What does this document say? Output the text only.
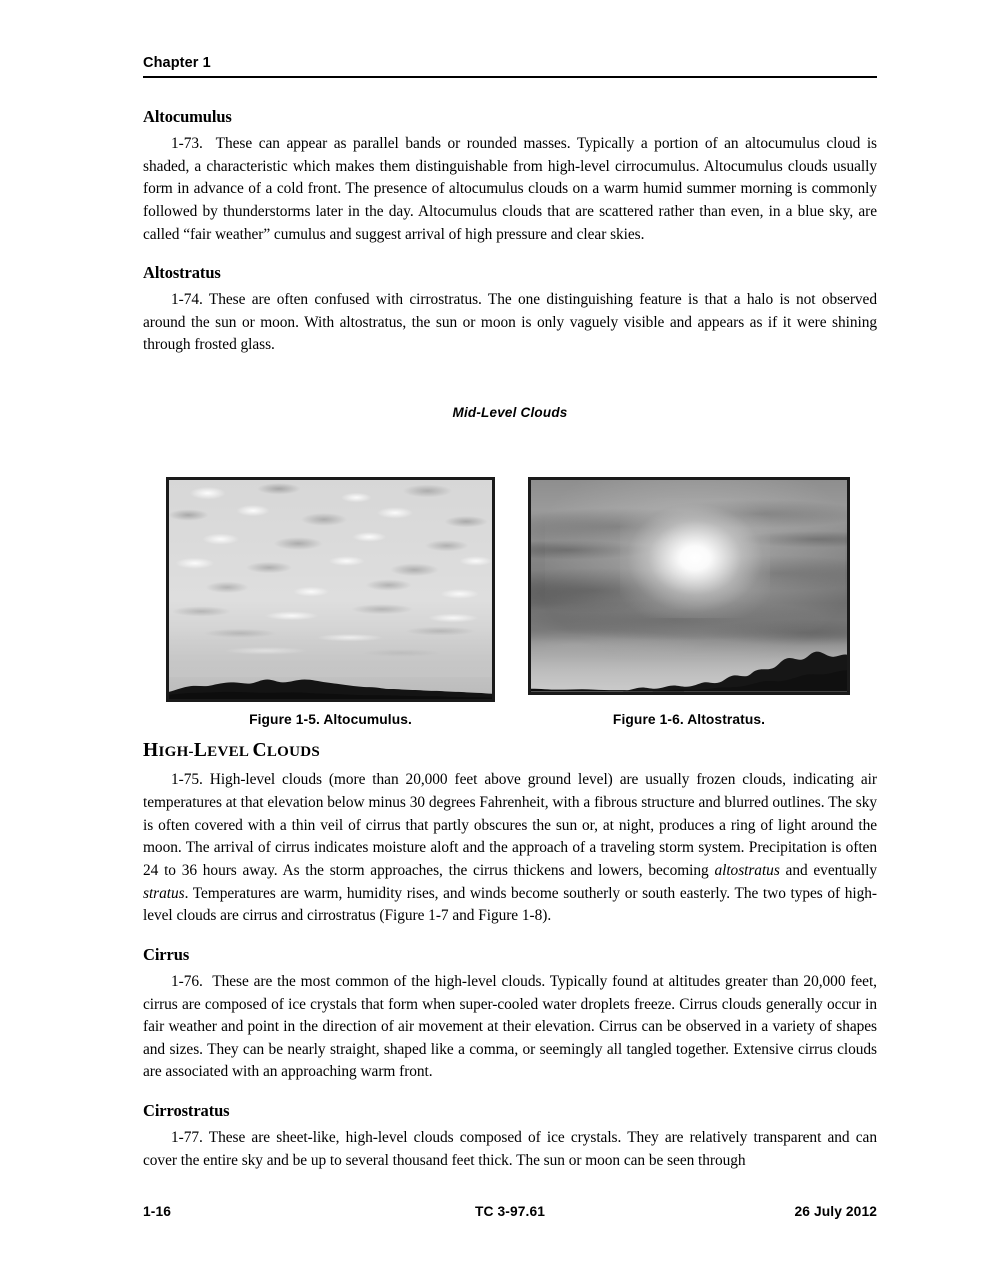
Chapter 1
Altocumulus

1-73. These can appear as parallel bands or rounded masses. Typically a portion of an altocumulus cloud is shaded, a characteristic which makes them distinguishable from high-level cirrocumulus. Altocumulus clouds usually form in advance of a cold front. The presence of altocumulus clouds on a warm humid summer morning is commonly followed by thunderstorms later in the day. Altocumulus clouds that are scattered rather than even, in a blue sky, are called “fair weather” cumulus and suggest arrival of high pressure and clear skies.

Altostratus

1-74. These are often confused with cirrostratus. The one distinguishing feature is that a halo is not observed around the sun or moon. With altostratus, the sun or moon is only vaguely visible and appears as if it were shining through frosted glass.

Mid-Level Clouds
Figure 1-5. Altocumulus.	Figure 1-6. Altostratus.
HIGH-LEVEL CLOUDS

1-75. High-level clouds (more than 20,000 feet above ground level) are usually frozen clouds, indicating air temperatures at that elevation below minus 30 degrees Fahrenheit, with a fibrous structure and blurred outlines. The sky is often covered with a thin veil of cirrus that partly obscures the sun or, at night, produces a ring of light around the moon. The arrival of cirrus indicates moisture aloft and the approach of a traveling storm system. Precipitation is often 24 to 36 hours away. As the storm approaches, the cirrus thickens and lowers, becoming altostratus and eventually stratus. Temperatures are warm, humidity rises, and winds become southerly or south easterly. The two types of high-level clouds are cirrus and cirrostratus (Figure 1-7 and Figure 1-8).

Cirrus

1-76. These are the most common of the high-level clouds. Typically found at altitudes greater than 20,000 feet, cirrus are composed of ice crystals that form when super-cooled water droplets freeze. Cirrus clouds generally occur in fair weather and point in the direction of air movement at their elevation. Cirrus can be observed in a variety of shapes and sizes. They can be nearly straight, shaped like a comma, or seemingly all tangled together. Extensive cirrus clouds are associated with an approaching warm front.

Cirrostratus

1-77. These are sheet-like, high-level clouds composed of ice crystals. They are relatively transparent and can cover the entire sky and be up to several thousand feet thick. The sun or moon can be seen through

1-16	TC 3-97.61	26 July 2012
